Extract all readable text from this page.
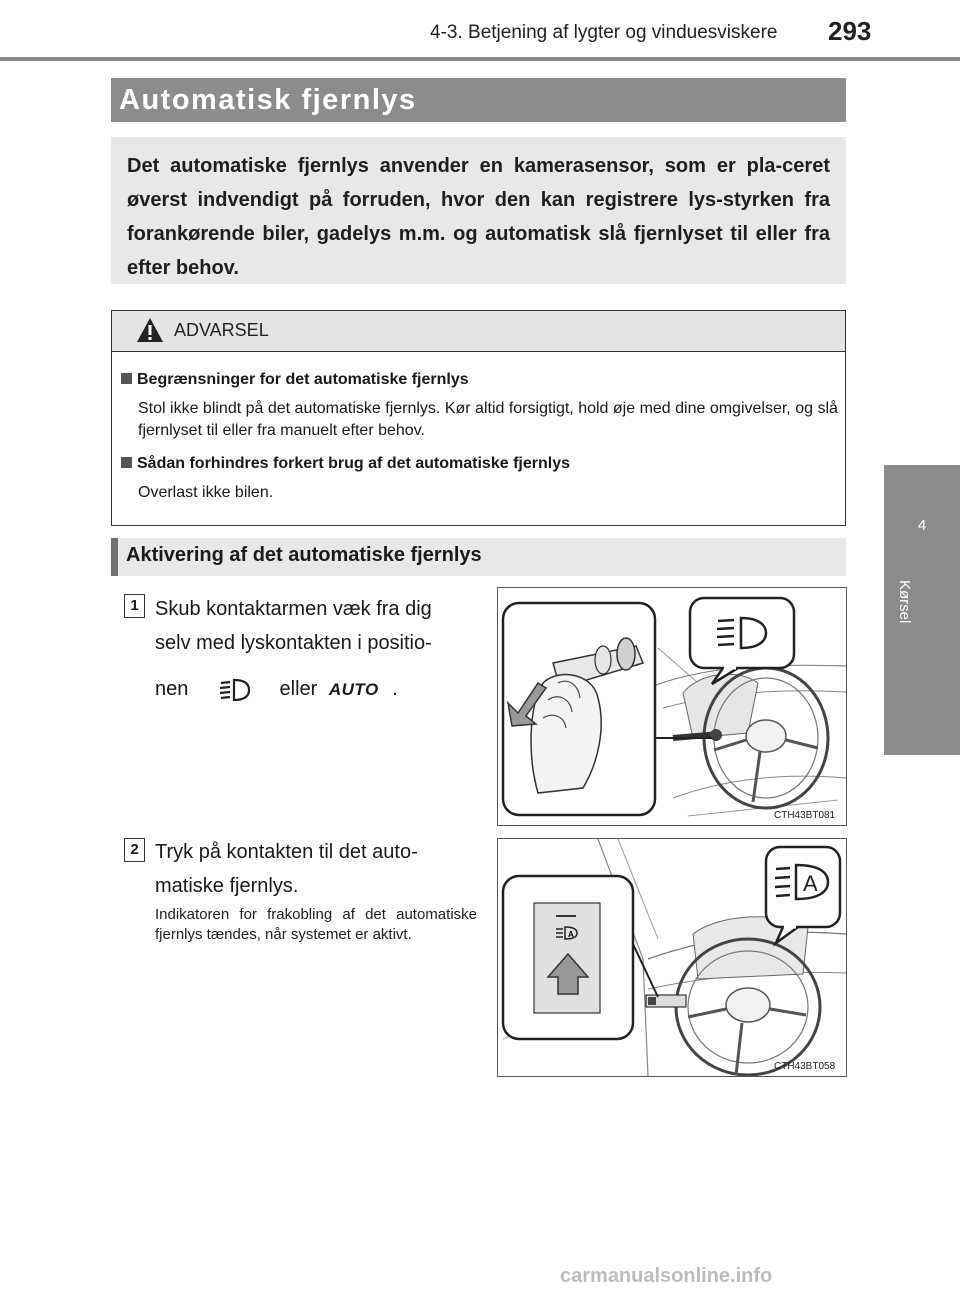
4-3. Betjening af lygter og vinduesviskere 293
4
Kørsel
Automatisk fjernlys

Det automatiske fjernlys anvender en kamerasensor, som er pla-ceret øverst indvendigt på forruden, hvor den kan registrere lys-styrken fra forankørende biler, gadelys m.m. og automatisk slå fjernlyset til eller fra efter behov.

ADVARSEL
Begrænsninger for det automatiske fjernlys
Stol ikke blindt på det automatiske fjernlys. Kør altid forsigtigt, hold øje med dine omgivelser, og slå fjernlyset til eller fra manuelt efter behov.
Sådan forhindres forkert brug af det automatiske fjernlys
Overlast ikke bilen.
Aktivering af det automatiske fjernlys
1 Skub kontaktarmen væk fra dig
selv med lyskontakten i positio-
nen	eller AUTO .
CTH43BT081
2 Tryk på kontakten til det auto-
matiske fjernlys.
Indikatoren for frakobling af det automatiske fjernlys tændes, når systemet er aktivt.	A
A
CTH43BT058
carmanualsonline.info
